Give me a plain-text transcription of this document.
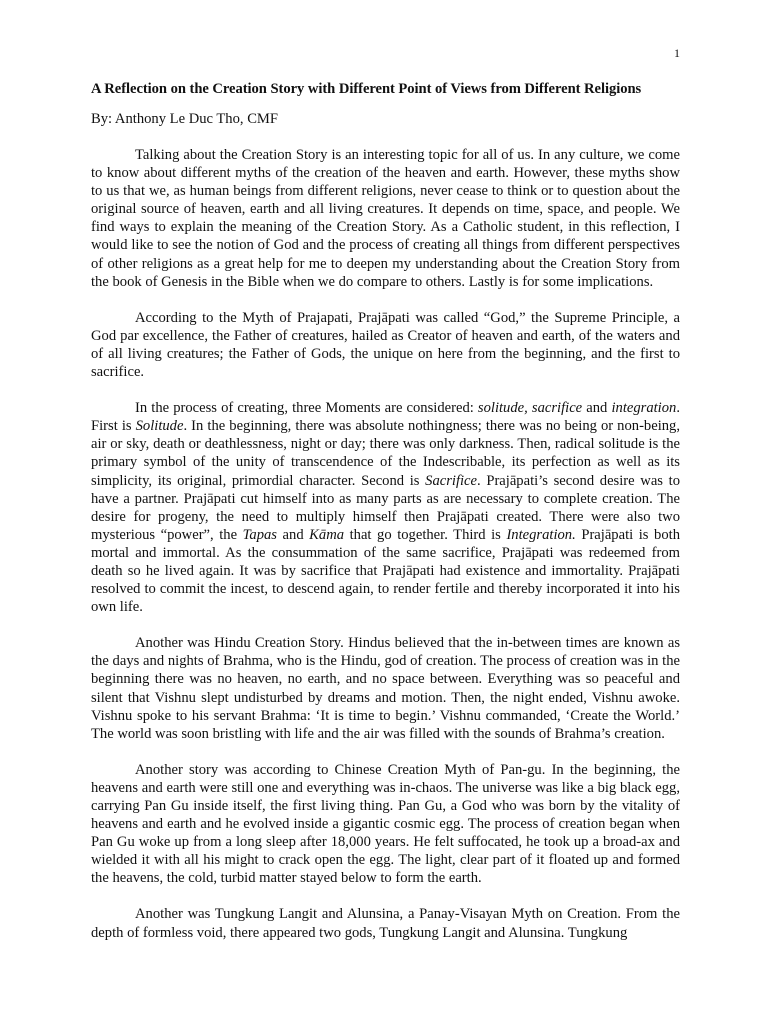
1

A Reflection on the Creation Story with Different Point of Views from Different Religions

By: Anthony Le Duc Tho, CMF

Talking about the Creation Story is an interesting topic for all of us. In any culture, we come to know about different myths of the creation of the heaven and earth. However, these myths show to us that we, as human beings from different religions, never cease to think or to question about the original source of heaven, earth and all living creatures. It depends on time, space, and people. We find ways to explain the meaning of the Creation Story. As a Catholic student, in this reflection, I would like to see the notion of God and the process of creating all things from different perspectives of other religions as a great help for me to deepen my understanding about the Creation Story from the book of Genesis in the Bible when we do compare to others. Lastly is for some implications.

According to the Myth of Prajapati, Prajāpati was called “God,” the Supreme Principle, a God par excellence, the Father of creatures, hailed as Creator of heaven and earth, of the waters and of all living creatures; the Father of Gods, the unique on here from the beginning, and the first to sacrifice.

In the process of creating, three Moments are considered: solitude, sacrifice and integration. First is Solitude. In the beginning, there was absolute nothingness; there was no being or non-being, air or sky, death or deathlessness, night or day; there was only darkness. Then, radical solitude is the primary symbol of the unity of transcendence of the Indescribable, its perfection as well as its simplicity, its original, primordial character. Second is Sacrifice. Prajāpati’s second desire was to have a partner. Prajāpati cut himself into as many parts as are necessary to complete creation. The desire for progeny, the need to multiply himself then Prajāpati created. There were also two mysterious “power”, the Tapas and Kāma that go together. Third is Integration. Prajāpati is both mortal and immortal. As the consummation of the same sacrifice, Prajāpati was redeemed from death so he lived again. It was by sacrifice that Prajāpati had existence and immortality. Prajāpati resolved to commit the incest, to descend again, to render fertile and thereby incorporated it into his own life.

Another was Hindu Creation Story. Hindus believed that the in-between times are known as the days and nights of Brahma, who is the Hindu, god of creation. The process of creation was in the beginning there was no heaven, no earth, and no space between. Everything was so peaceful and silent that Vishnu slept undisturbed by dreams and motion. Then, the night ended, Vishnu awoke. Vishnu spoke to his servant Brahma: ‘It is time to begin.’ Vishnu commanded, ‘Create the World.’ The world was soon bristling with life and the air was filled with the sounds of Brahma’s creation.

Another story was according to Chinese Creation Myth of Pan-gu. In the beginning, the heavens and earth were still one and everything was in-chaos. The universe was like a big black egg, carrying Pan Gu inside itself, the first living thing. Pan Gu, a God who was born by the vitality of heavens and earth and he evolved inside a gigantic cosmic egg. The process of creation began when Pan Gu woke up from a long sleep after 18,000 years. He felt suffocated, he took up a broad-ax and wielded it with all his might to crack open the egg. The light, clear part of it floated up and formed the heavens, the cold, turbid matter stayed below to form the earth.

Another was Tungkung Langit and Alunsina, a Panay-Visayan Myth on Creation. From the depth of formless void, there appeared two gods, Tungkung Langit and Alunsina. Tungkung
